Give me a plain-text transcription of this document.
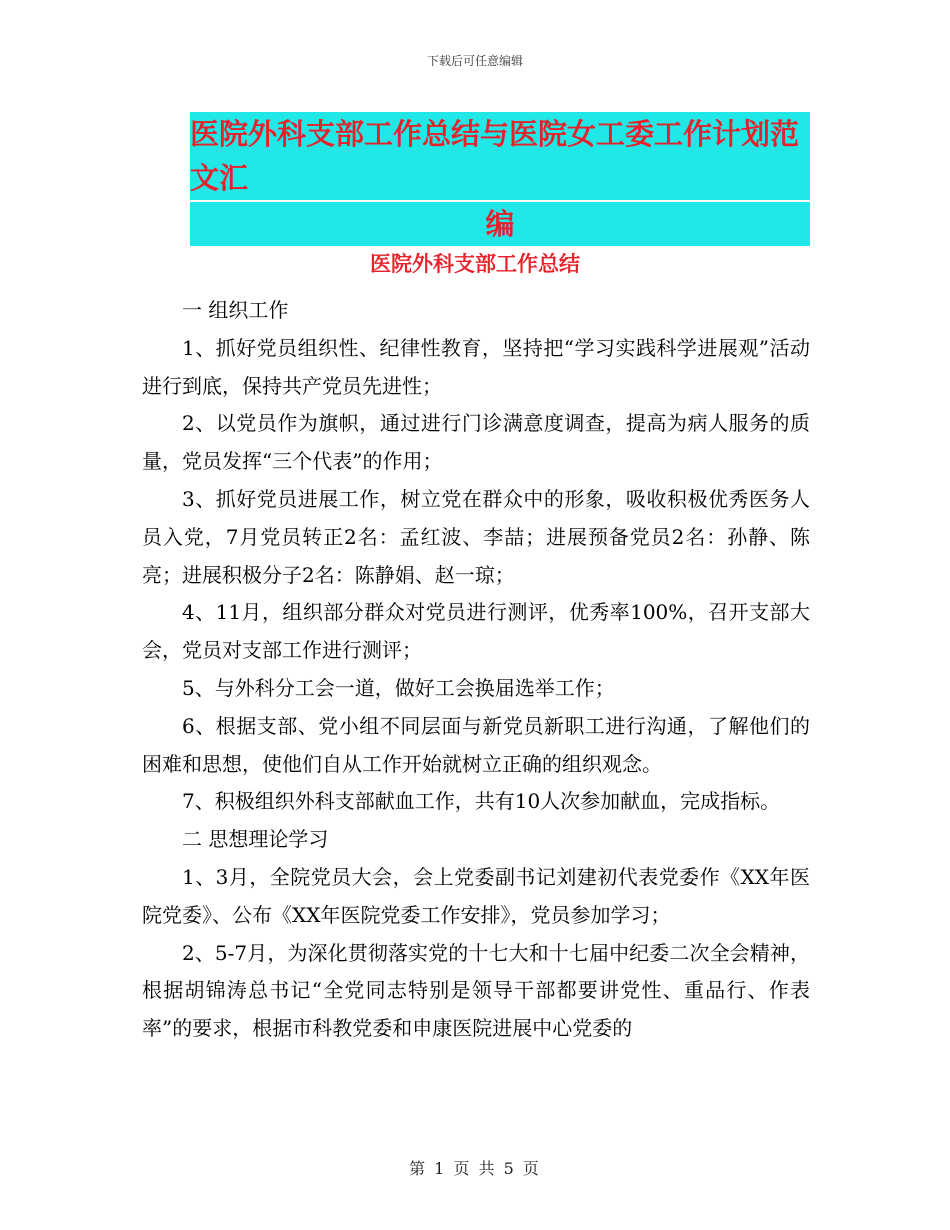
下载后可任意编辑
医院外科支部工作总结与医院女工委工作计划范文汇
编
医院外科支部工作总结

一 组织工作

1、抓好党员组织性、纪律性教育，坚持把“学习实践科学进展观”活动进行到底，保持共产党员先进性；

2、以党员作为旗帜，通过进行门诊满意度调查，提高为病人服务的质量，党员发挥“三个代表”的作用；

3、抓好党员进展工作，树立党在群众中的形象，吸收积极优秀医务人员入党，7月党员转正2名：孟红波、李喆；进展预备党员2名：孙静、陈亮；进展积极分子2名：陈静娟、赵一琼；

4、11月，组织部分群众对党员进行测评，优秀率100%，召开支部大会，党员对支部工作进行测评；

5、与外科分工会一道，做好工会换届选举工作；

6、根据支部、党小组不同层面与新党员新职工进行沟通，了解他们的困难和思想，使他们自从工作开始就树立正确的组织观念。

7、积极组织外科支部献血工作，共有10人次参加献血，完成指标。

二 思想理论学习

1、3月，全院党员大会，会上党委副书记刘建初代表党委作《XX年医院党委》、公布《XX年医院党委工作安排》，党员参加学习；

2、5-7月，为深化贯彻落实党的十七大和十七届中纪委二次全会精神，根据胡锦涛总书记“全党同志特别是领导干部都要讲党性、重品行、作表率”的要求，根据市科教党委和申康医院进展中心党委的

第 1 页 共 5 页
